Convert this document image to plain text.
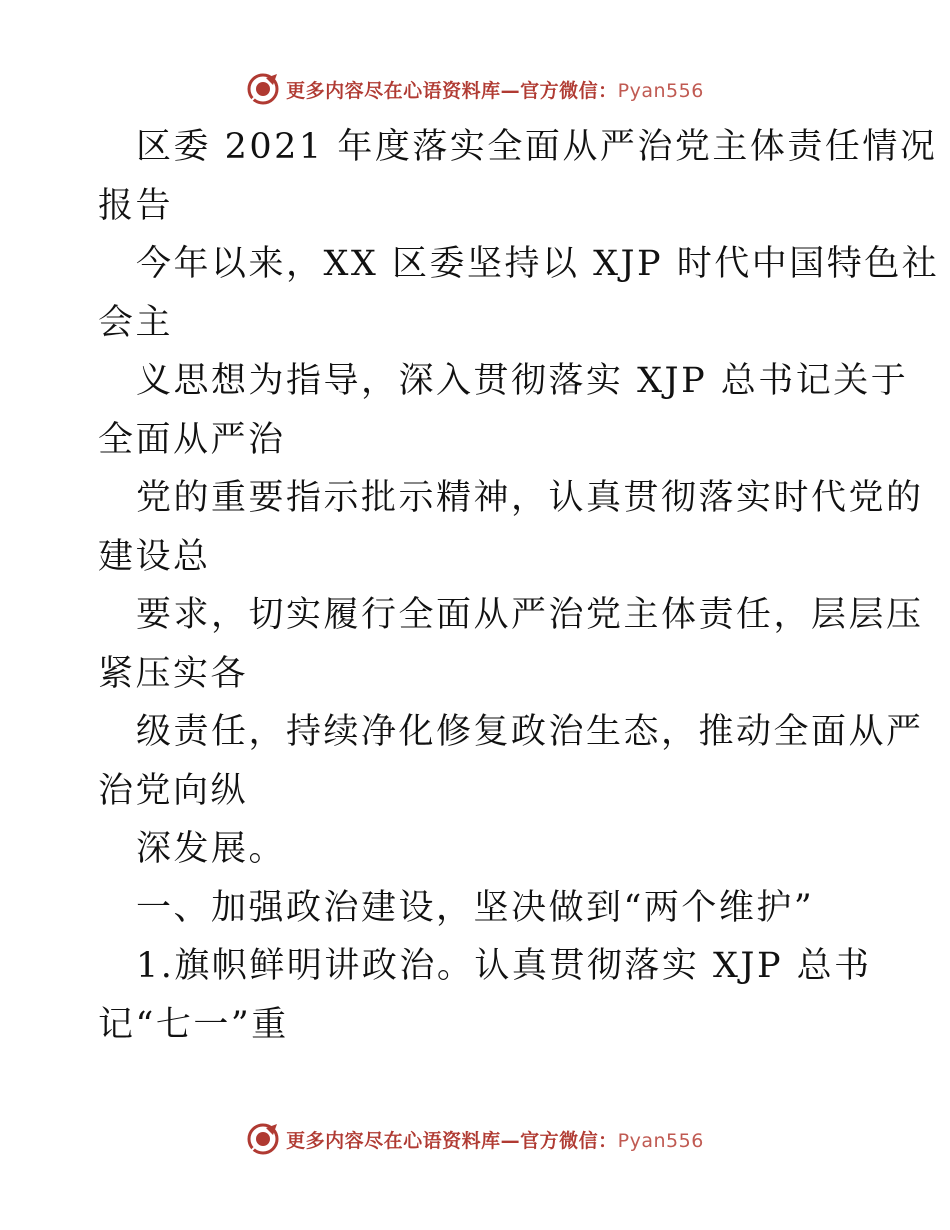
更多内容尽在心语资料库—官方微信：Pyan556
区委 2021 年度落实全面从严治党主体责任情况
报告
今年以来，XX 区委坚持以 XJP 时代中国特色社
会主
义思想为指导，深入贯彻落实 XJP 总书记关于
全面从严治
党的重要指示批示精神，认真贯彻落实时代党的
建设总
要求，切实履行全面从严治党主体责任，层层压
紧压实各
级责任，持续净化修复政治生态，推动全面从严
治党向纵
深发展。
一、加强政治建设，坚决做到“两个维护”
1.旗帜鲜明讲政治。认真贯彻落实 XJP 总书
记“七一”重
更多内容尽在心语资料库—官方微信：Pyan556
